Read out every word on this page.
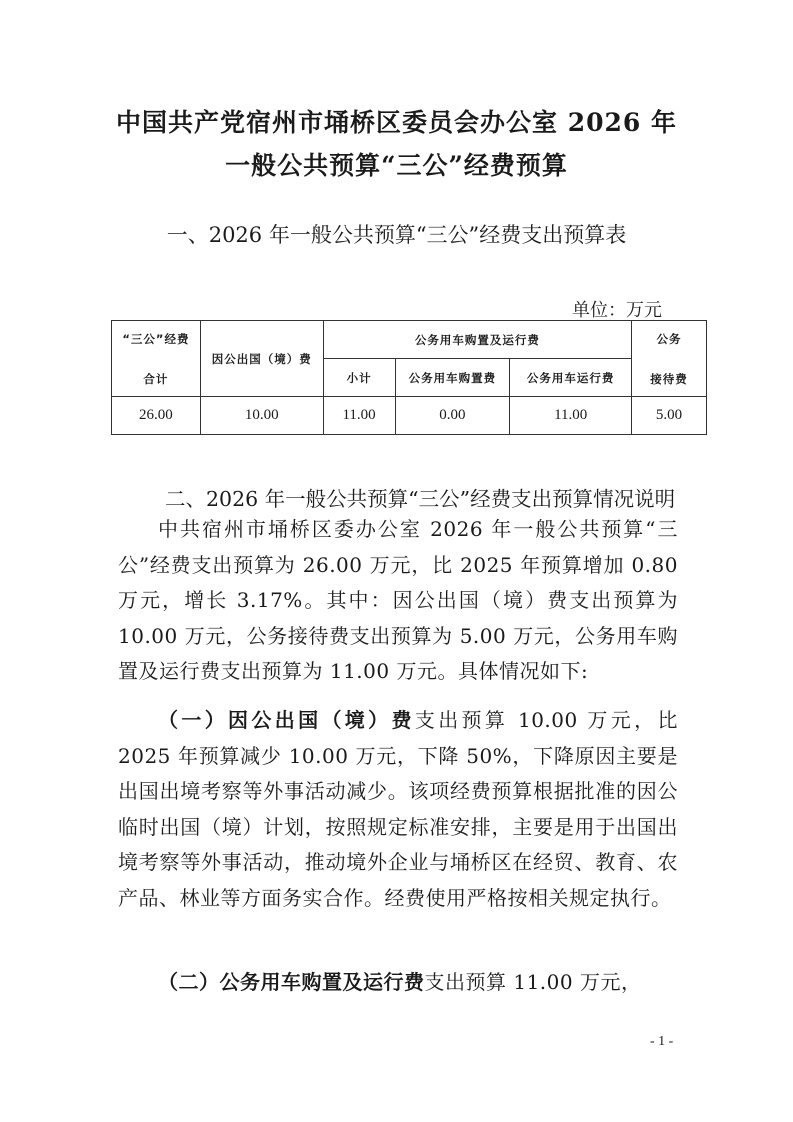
中国共产党宿州市埇桥区委员会办公室 2026 年
一般公共预算“三公”经费预算
一、2026 年一般公共预算“三公”经费支出预算表
单位：万元
“三公”经费
合计	因公出国（境）费	公务用车购置及运行费			公务
接待费

		小计	公务用车购置费	公务用车运行费	
26.00	10.00	11.00	0.00	11.00	5.00
二、2026 年一般公共预算“三公”经费支出预算情况说明

中共宿州市埇桥区委办公室 2026 年一般公共预算“三公”经费支出预算为 26.00 万元，比 2025 年预算增加 0.80 万元，增长 3.17%。其中：因公出国（境）费支出预算为 10.00 万元，公务接待费支出预算为 5.00 万元，公务用车购置及运行费支出预算为 11.00 万元。具体情况如下:

（一）因公出国（境）费支出预算 10.00 万元，比 2025 年预算减少 10.00 万元，下降 50%，下降原因主要是出国出境考察等外事活动减少。该项经费预算根据批准的因公临时出国（境）计划，按照规定标准安排，主要是用于出国出境考察等外事活动，推动境外企业与埇桥区在经贸、教育、农产品、林业等方面务实合作。经费使用严格按相关规定执行。

（二）公务用车购置及运行费支出预算 11.00 万元，

- 1 -
